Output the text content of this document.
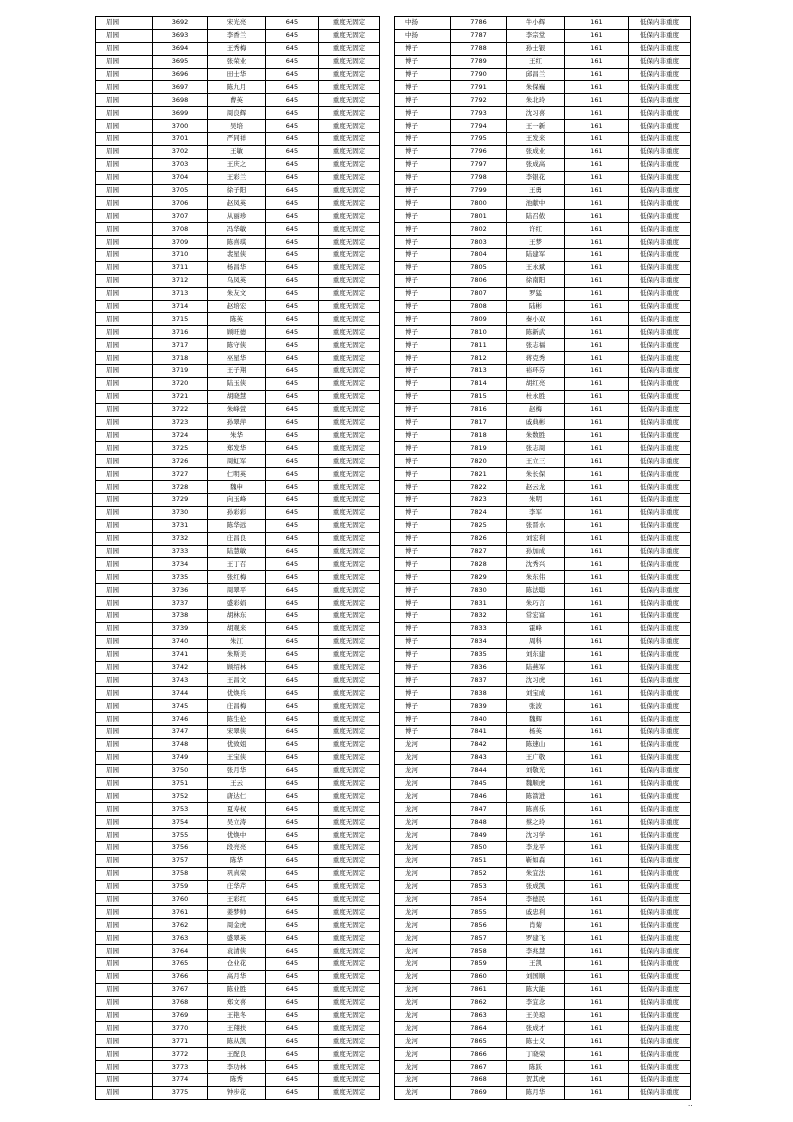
眉园	3692	宋光亮	645	重度无固定
眉园	3693	李香兰	645	重度无固定
眉园	3694	王秀梅	645	重度无固定
眉园	3695	张荣业	645	重度无固定
眉园	3696	田士华	645	重度无固定
眉园	3697	陈九月	645	重度无固定
眉园	3698	曹英	645	重度无固定
眉园	3699	周良辉	645	重度无固定
眉园	3700	吴培	645	重度无固定
眉园	3701	严同祥	645	重度无固定
眉园	3702	王敏	645	重度无固定
眉园	3703	王庆之	645	重度无固定
眉园	3704	王彩兰	645	重度无固定
眉园	3705	徐子阳	645	重度无固定
眉园	3706	赵凤英	645	重度无固定
眉园	3707	从丽珍	645	重度无固定
眉园	3708	冯华敏	645	重度无固定
眉园	3709	陈喜琪	645	重度无固定
眉园	3710	裴星侠	645	重度无固定
眉园	3711	杨昌华	645	重度无固定
眉园	3712	乌凤英	645	重度无固定
眉园	3713	朱友文	645	重度无固定
眉园	3714	赵培宏	645	重度无固定
眉园	3715	陈英	645	重度无固定
眉园	3716	顾旺德	645	重度无固定
眉园	3717	陈守侠	645	重度无固定
眉园	3718	巫星华	645	重度无固定
眉园	3719	王子翔	645	重度无固定
眉园	3720	陆玉侠	645	重度无固定
眉园	3721	胡晓慧	645	重度无固定
眉园	3722	朱峰萱	645	重度无固定
眉园	3723	孙翠萍	645	重度无固定
眉园	3724	朱华	645	重度无固定
眉园	3725	郑发华	645	重度无固定
眉园	3726	周虹军	645	重度无固定
眉园	3727	仁明英	645	重度无固定
眉园	3728	魏申	645	重度无固定
眉园	3729	向玉峰	645	重度无固定
眉园	3730	孙彩彩	645	重度无固定
眉园	3731	陈华远	645	重度无固定
眉园	3732	庄昌良	645	重度无固定
眉园	3733	陆慧敏	645	重度无固定
眉园	3734	王丁召	645	重度无固定
眉园	3735	张红梅	645	重度无固定
眉园	3736	周翠平	645	重度无固定
眉园	3737	盛彩娟	645	重度无固定
眉园	3738	胡林东	645	重度无固定
眉园	3739	胡观来	645	重度无固定
眉园	3740	朱江	645	重度无固定
眉园	3741	朱斯美	645	重度无固定
眉园	3742	顾绍林	645	重度无固定
眉园	3743	王昌文	645	重度无固定
眉园	3744	优焕兵	645	重度无固定
眉园	3745	庄昌梅	645	重度无固定
眉园	3746	陈生伦	645	重度无固定
眉园	3747	宋翠侠	645	重度无固定
眉园	3748	优致姐	645	重度无固定
眉园	3749	王宝侠	645	重度无固定
眉园	3750	张月华	645	重度无固定
眉园	3751	王云	645	重度无固定
眉园	3752	唐达仁	645	重度无固定
眉园	3753	夏寿权	645	重度无固定
眉园	3754	吴立涛	645	重度无固定
眉园	3755	优焕中	645	重度无固定
眉园	3756	段亮亮	645	重度无固定
眉园	3757	陈华	645	重度无固定
眉园	3758	巩真荣	645	重度无固定
眉园	3759	庄华芹	645	重度无固定
眉园	3760	王彩红	645	重度无固定
眉园	3761	姜梦帅	645	重度无固定
眉园	3762	周金虎	645	重度无固定
眉园	3763	盛翠英	645	重度无固定
眉园	3764	袁清侠	645	重度无固定
眉园	3765	仓业花	645	重度无固定
眉园	3766	高月华	645	重度无固定
眉园	3767	陈业胜	645	重度无固定
眉园	3768	郑文喜	645	重度无固定
眉园	3769	王艳冬	645	重度无固定
眉园	3770	王翔扶	645	重度无固定
眉园	3771	陈从凯	645	重度无固定
眉园	3772	王配良	645	重度无固定
眉园	3773	李功林	645	重度无固定
眉园	3774	陈秀	645	重度无固定
眉园	3775	钟步花	645	重度无固定
中扬	7786	牛小辉	161	低保内非重度
中扬	7787	李宗堂	161	低保内非重度
博子	7788	孙士银	161	低保内非重度
博子	7789	王红	161	低保内非重度
博子	7790	邱昌兰	161	低保内非重度
博子	7791	朱保巍	161	低保内非重度
博子	7792	朱北玲	161	低保内非重度
博子	7793	沈习喜	161	低保内非重度
博子	7794	王一新	161	低保内非重度
博子	7795	王发来	161	低保内非重度
博子	7796	张成业	161	低保内非重度
博子	7797	张成高	161	低保内非重度
博子	7798	李银花	161	低保内非重度
博子	7799	王勇	161	低保内非重度
博子	7800	池献中	161	低保内非重度
博子	7801	陆召侬	161	低保内非重度
博子	7802	许红	161	低保内非重度
博子	7803	王梦	161	低保内非重度
博子	7804	陆建军	161	低保内非重度
博子	7805	王永斌	161	低保内非重度
博子	7806	徐南阳	161	低保内非重度
博子	7807	罗猛	161	低保内非重度
博子	7808	陆彬	161	低保内非重度
博子	7809	秦小双	161	低保内非重度
博子	7810	陈新武	161	低保内非重度
博子	7811	张志福	161	低保内非重度
博子	7812	蒋克秀	161	低保内非重度
博子	7813	裕环芬	161	低保内非重度
博子	7814	胡红亮	161	低保内非重度
博子	7815	杜永胜	161	低保内非重度
博子	7816	赵梅	161	低保内非重度
博子	7817	戚典彬	161	低保内非重度
博子	7818	朱数胜	161	低保内非重度
博子	7819	张志周	161	低保内非重度
博子	7820	王立三	161	低保内非重度
博子	7821	朱长保	161	低保内非重度
博子	7822	赵云龙	161	低保内非重度
博子	7823	朱明	161	低保内非重度
博子	7824	李军	161	低保内非重度
博子	7825	张晋水	161	低保内非重度
博子	7826	刘宏利	161	低保内非重度
博子	7827	孙加成	161	低保内非重度
博子	7828	沈秀兴	161	低保内非重度
博子	7829	朱东伟	161	低保内非重度
博子	7830	陈法聪	161	低保内非重度
博子	7831	朱巧言	161	低保内非重度
博子	7832	常宏富	161	低保内非重度
博子	7833	霍峰	161	低保内非重度
博子	7834	周科	161	低保内非重度
博子	7835	刘东建	161	低保内非重度
博子	7836	陆燕军	161	低保内非重度
博子	7837	沈习虎	161	低保内非重度
博子	7838	刘宝成	161	低保内非重度
博子	7839	张波	161	低保内非重度
博子	7840	魏辉	161	低保内非重度
博子	7841	杨英	161	低保内非重度
龙河	7842	陈速山	161	低保内非重度
龙河	7843	王广敬	161	低保内非重度
龙河	7844	刘敬光	161	低保内非重度
龙河	7845	魏顺虎	161	低保内非重度
龙河	7846	陈箭进	161	低保内非重度
龙河	7847	陈喜乐	161	低保内非重度
龙河	7848	蔡之玲	161	低保内非重度
龙河	7849	沈习学	161	低保内非重度
龙河	7850	李龙平	161	低保内非重度
龙河	7851	靳如森	161	低保内非重度
龙河	7852	朱宜法	161	低保内非重度
龙河	7853	张成凯	161	低保内非重度
龙河	7854	李德民	161	低保内非重度
龙河	7855	戚忠利	161	低保内非重度
龙河	7856	肖菊	161	低保内非重度
龙河	7857	罗建飞	161	低保内非重度
龙河	7858	李兆慧	161	低保内非重度
龙河	7859	王凯	161	低保内非重度
龙河	7860	刘国顺	161	低保内非重度
龙河	7861	陈大能	161	低保内非重度
龙河	7862	李宜念	161	低保内非重度
龙河	7863	王美琼	161	低保内非重度
龙河	7864	张成才	161	低保内非重度
龙河	7865	陈士义	161	低保内非重度
龙河	7866	丁晓荣	161	低保内非重度
龙河	7867	陈跃	161	低保内非重度
龙河	7868	贺其虎	161	低保内非重度
龙河	7869	陈月华	161	低保内非重度
..
